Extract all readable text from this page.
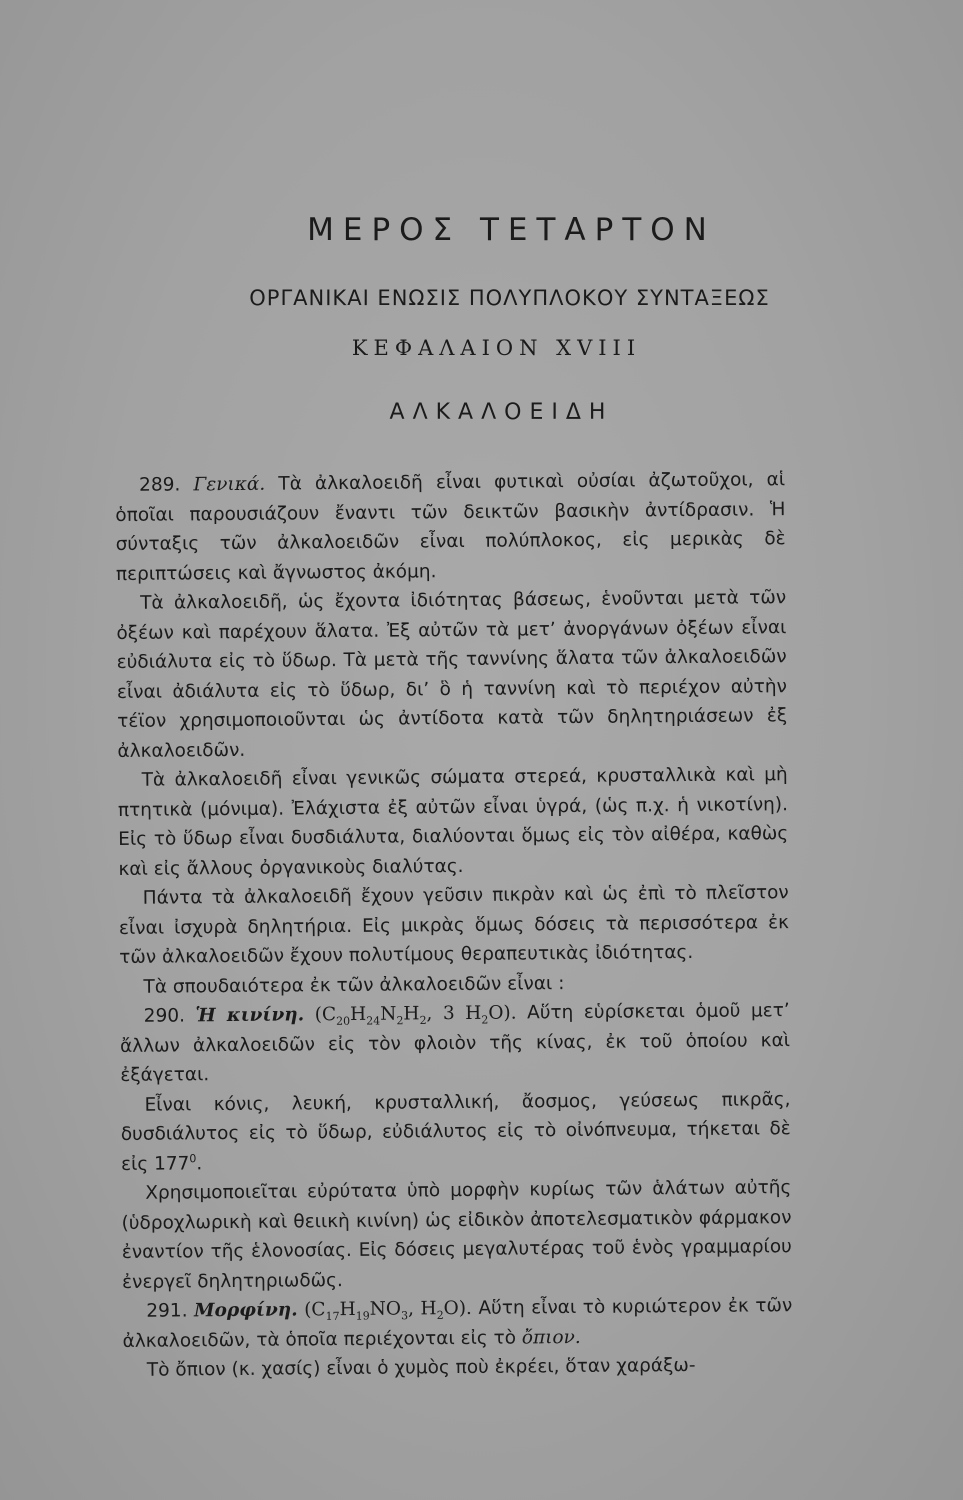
ΜΕΡΟΣ ΤΕΤΑΡΤΟΝ
ΟΡΓΑΝΙΚΑΙ ΕΝΩΣΙΣ ΠΟΛΥΠΛΟΚΟΥ ΣΥΝΤΑΞΕΩΣ
ΚΕΦΑΛΑΙΟΝ XVIII
ΑΛΚΑΛΟΕΙΔΗ

289. Γενικά. Τὰ ἀλκαλοειδῆ εἶναι φυτικαὶ οὐσίαι ἀζωτοῦχοι, αἱ ὁποῖαι παρουσιάζουν ἔναντι τῶν δεικτῶν βασικὴν ἀντίδρασιν. Ἡ σύνταξις τῶν ἀλκαλοειδῶν εἶναι πολύπλοκος, εἰς μερικὰς δὲ περιπτώσεις καὶ ἄγνωστος ἀκόμη.

Τὰ ἀλκαλοειδῆ, ὡς ἔχοντα ἰδιότητας βάσεως, ἑνοῦνται μετὰ τῶν ὀξέων καὶ παρέχουν ἅλατα. Ἐξ αὐτῶν τὰ μετ’ ἀνοργάνων ὀξέων εἶναι εὐδιάλυτα εἰς τὸ ὕδωρ. Τὰ μετὰ τῆς ταννίνης ἅλατα τῶν ἀλκαλοειδῶν εἶναι ἀδιάλυτα εἰς τὸ ὕδωρ, δι’ ὃ ἡ ταννίνη καὶ τὸ περιέχον αὐτὴν τέϊον χρησιμοποιοῦνται ὡς ἀντίδοτα κατὰ τῶν δηλητηριάσεων ἐξ ἀλκαλοειδῶν.

Τὰ ἀλκαλοειδῆ εἶναι γενικῶς σώματα στερεά, κρυσταλλικὰ καὶ μὴ πτητικὰ (μόνιμα). Ἐλάχιστα ἐξ αὐτῶν εἶναι ὑγρά, (ὡς π.χ. ἡ νικοτίνη). Εἰς τὸ ὕδωρ εἶναι δυσδιάλυτα, διαλύονται ὅμως εἰς τὸν αἰθέρα, καθὼς καὶ εἰς ἄλλους ὀργανικοὺς διαλύτας.

Πάντα τὰ ἀλκαλοειδῆ ἔχουν γεῦσιν πικρὰν καὶ ὡς ἐπὶ τὸ πλεῖστον εἶναι ἰσχυρὰ δηλητήρια. Εἰς μικρὰς ὅμως δόσεις τὰ περισσότερα ἐκ τῶν ἀλκαλοειδῶν ἔχουν πολυτίμους θεραπευτικὰς ἰδιότητας.

Τὰ σπουδαιότερα ἐκ τῶν ἀλκαλοειδῶν εἶναι :

290. Ἡ κινίνη. ($C_{20}H_{24}N_2H_2$, 3 $H_2O$). Αὕτη εὑρίσκεται ὁμοῦ μετ’ ἄλλων ἀλκαλοειδῶν εἰς τὸν φλοιὸν τῆς κίνας, ἐκ τοῦ ὁποίου καὶ ἐξάγεται.

Εἶναι κόνις, λευκή, κρυσταλλική, ἄοσμος, γεύσεως πικρᾶς, δυσδιάλυτος εἰς τὸ ὕδωρ, εὐδιάλυτος εἰς τὸ οἰνόπνευμα, τήκεται δὲ εἰς $177^0$.

Χρησιμοποιεῖται εὐρύτατα ὑπὸ μορφὴν κυρίως τῶν ἁλάτων αὐτῆς (ὑδροχλωρικὴ καὶ θειικὴ κινίνη) ὡς εἰδικὸν ἀποτελεσματικὸν φάρμακον ἐναντίον τῆς ἑλονοσίας. Εἰς δόσεις μεγαλυτέρας τοῦ ἑνὸς γραμμαρίου ἐνεργεῖ δηλητηριωδῶς.

291. Μορφίνη. ($C_{17}H_{19}NO_3$, $H_2O$). Αὕτη εἶναι τὸ κυριώτερον ἐκ τῶν ἀλκαλοειδῶν, τὰ ὁποῖα περιέχονται εἰς τὸ ὄπιον.

Τὸ ὄπιον (κ. χασίς) εἶναι ὁ χυμὸς ποὺ ἐκρέει, ὅταν χαράξω-
